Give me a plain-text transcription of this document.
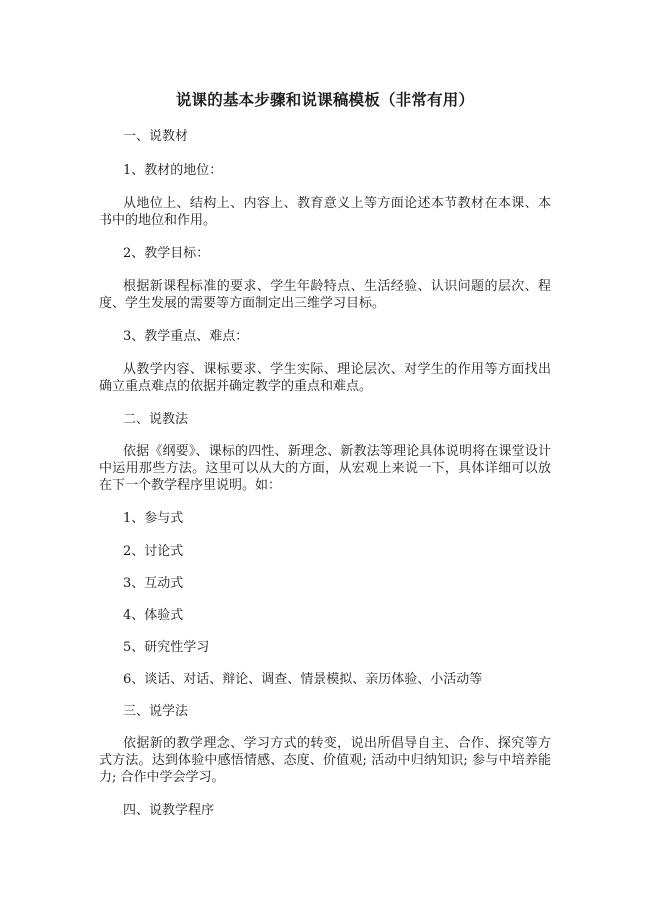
说课的基本步骤和说课稿模板（非常有用）
一、说教材
1、教材的地位：
从地位上、结构上、内容上、教育意义上等方面论述本节教材在本课、本书中的地位和作用。
2、教学目标：
根据新课程标准的要求、学生年龄特点、生活经验、认识问题的层次、程度、学生发展的需要等方面制定出三维学习目标。
3、教学重点、难点：
从教学内容、课标要求、学生实际、理论层次、对学生的作用等方面找出确立重点难点的依据并确定教学的重点和难点。
二、说教法
依据《纲要》、课标的四性、新理念、新教法等理论具体说明将在课堂设计中运用那些方法。这里可以从大的方面，从宏观上来说一下，具体详细可以放在下一个教学程序里说明。如：
1、参与式
2、讨论式
3、互动式
4、体验式
5、研究性学习
6、谈话、对话、辩论、调查、情景模拟、亲历体验、小活动等
三、说学法
依据新的教学理念、学习方式的转变，说出所倡导自主、合作、探究等方式方法。达到体验中感悟情感、态度、价值观; 活动中归纳知识; 参与中培养能力; 合作中学会学习。
四、说教学程序
